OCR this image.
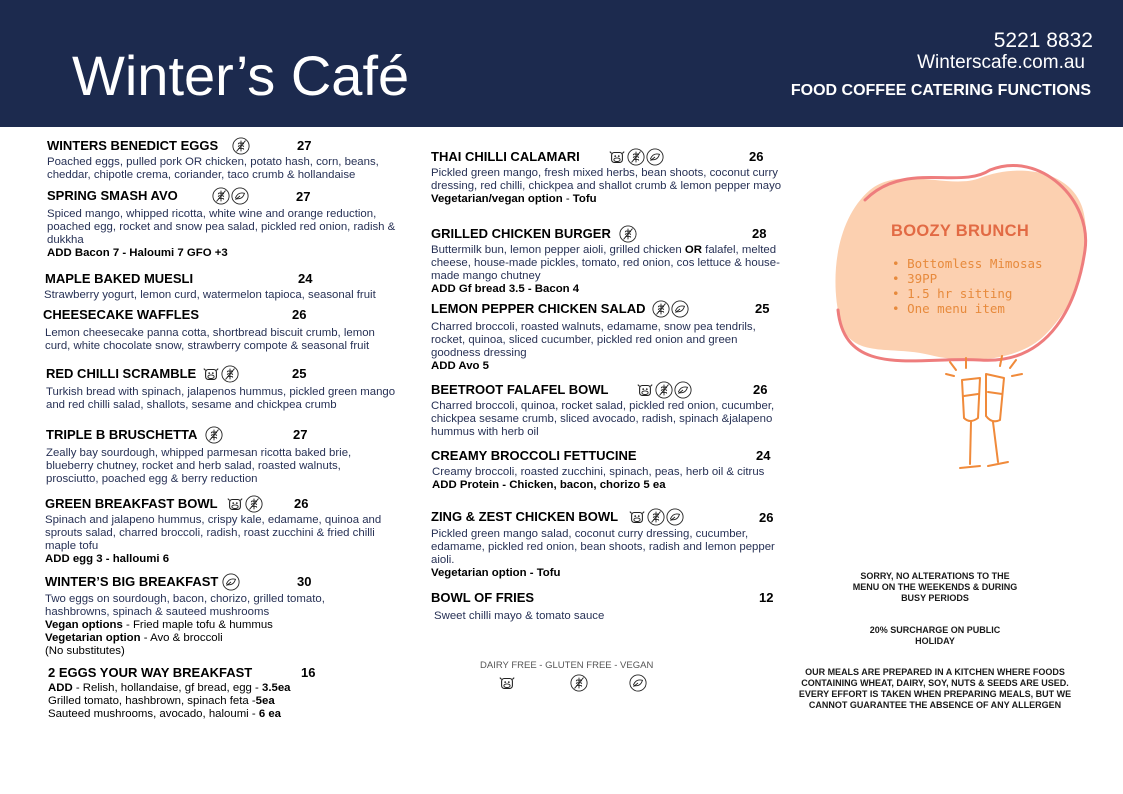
Winter’s Café
5221 8832
Winterscafe.com.au
FOOD COFFEE CATERING FUNCTIONS
WINTERS BENEDICT EGGS	27
Poached eggs, pulled pork OR chicken, potato hash, corn, beans, cheddar, chipotle crema, coriander, taco crumb & hollandaise
SPRING SMASH AVO	27
Spiced mango, whipped ricotta, white wine and orange reduction, poached egg, rocket and snow pea salad, pickled red onion, radish & dukkha
ADD Bacon 7 - Haloumi 7 GFO +3
MAPLE BAKED MUESLI	24
Strawberry yogurt, lemon curd, watermelon tapioca, seasonal fruit
CHEESECAKE WAFFLES	26
Lemon cheesecake panna cotta, shortbread biscuit crumb, lemon curd, white chocolate snow, strawberry compote & seasonal fruit
RED CHILLI SCRAMBLE	25
Turkish bread with spinach, jalapenos hummus, pickled green mango and red chilli salad, shallots, sesame and chickpea crumb
TRIPLE B BRUSCHETTA	27
Zeally bay sourdough, whipped parmesan ricotta baked brie, blueberry chutney, rocket and herb salad, roasted walnuts, prosciutto, poached egg & berry reduction
GREEN BREAKFAST BOWL	26
Spinach and jalapeno hummus, crispy kale, edamame, quinoa and sprouts salad, charred broccoli, radish, roast zucchini & fried chilli maple tofu
ADD egg 3 - halloumi 6
WINTER’S BIG BREAKFAST	30
Two eggs on sourdough, bacon, chorizo, grilled tomato, hashbrowns, spinach & sauteed mushrooms
Vegan options - Fried maple tofu & hummus
Vegetarian option - Avo & broccoli
(No substitutes)
2 EGGS YOUR WAY BREAKFAST	16
ADD - Relish, hollandaise, gf bread, egg - 3.5ea
Grilled tomato, hashbrown, spinach feta -5ea
Sauteed mushrooms, avocado, haloumi - 6 ea
THAI CHILLI CALAMARI	26
Pickled green mango, fresh mixed herbs, bean shoots, coconut curry dressing, red chilli, chickpea and shallot crumb & lemon pepper mayo
Vegetarian/vegan option - Tofu
GRILLED CHICKEN BURGER	28
Buttermilk bun, lemon pepper aioli, grilled chicken OR falafel, melted cheese, house-made pickles, tomato, red onion, cos lettuce & house-made mango chutney
ADD Gf bread 3.5 - Bacon 4
LEMON PEPPER CHICKEN SALAD	25
Charred broccoli, roasted walnuts, edamame, snow pea tendrils, rocket, quinoa, sliced cucumber, pickled red onion and green goodness dressing
ADD Avo 5
BEETROOT FALAFEL BOWL	26
Charred broccoli, quinoa, rocket salad, pickled red onion, cucumber, chickpea sesame crumb, sliced avocado, radish, spinach &jalapeno hummus with herb oil
CREAMY BROCCOLI FETTUCINE	24
Creamy broccoli, roasted zucchini, spinach, peas, herb oil & citrus
ADD Protein - Chicken, bacon, chorizo 5 ea
ZING & ZEST CHICKEN BOWL	26
Pickled green mango salad, coconut curry dressing, cucumber, edamame, pickled red onion, bean shoots, radish and lemon pepper aioli.
Vegetarian option - Tofu
BOWL OF FRIES	12
Sweet chilli mayo & tomato sauce
DAIRY FREE - GLUTEN FREE - VEGAN
BOOZY BRUNCH
• Bottomless Mimosas
• 39PP
• 1.5 hr sitting
• One menu item
SORRY, NO ALTERATIONS TO THE MENU ON THE WEEKENDS & DURING BUSY PERIODS
20% SURCHARGE ON PUBLIC HOLIDAY
OUR MEALS ARE PREPARED IN A KITCHEN WHERE FOODS CONTAINING WHEAT, DAIRY, SOY, NUTS & SEEDS ARE USED. EVERY EFFORT IS TAKEN WHEN PREPARING MEALS, BUT WE CANNOT GUARANTEE THE ABSENCE OF ANY ALLERGEN
